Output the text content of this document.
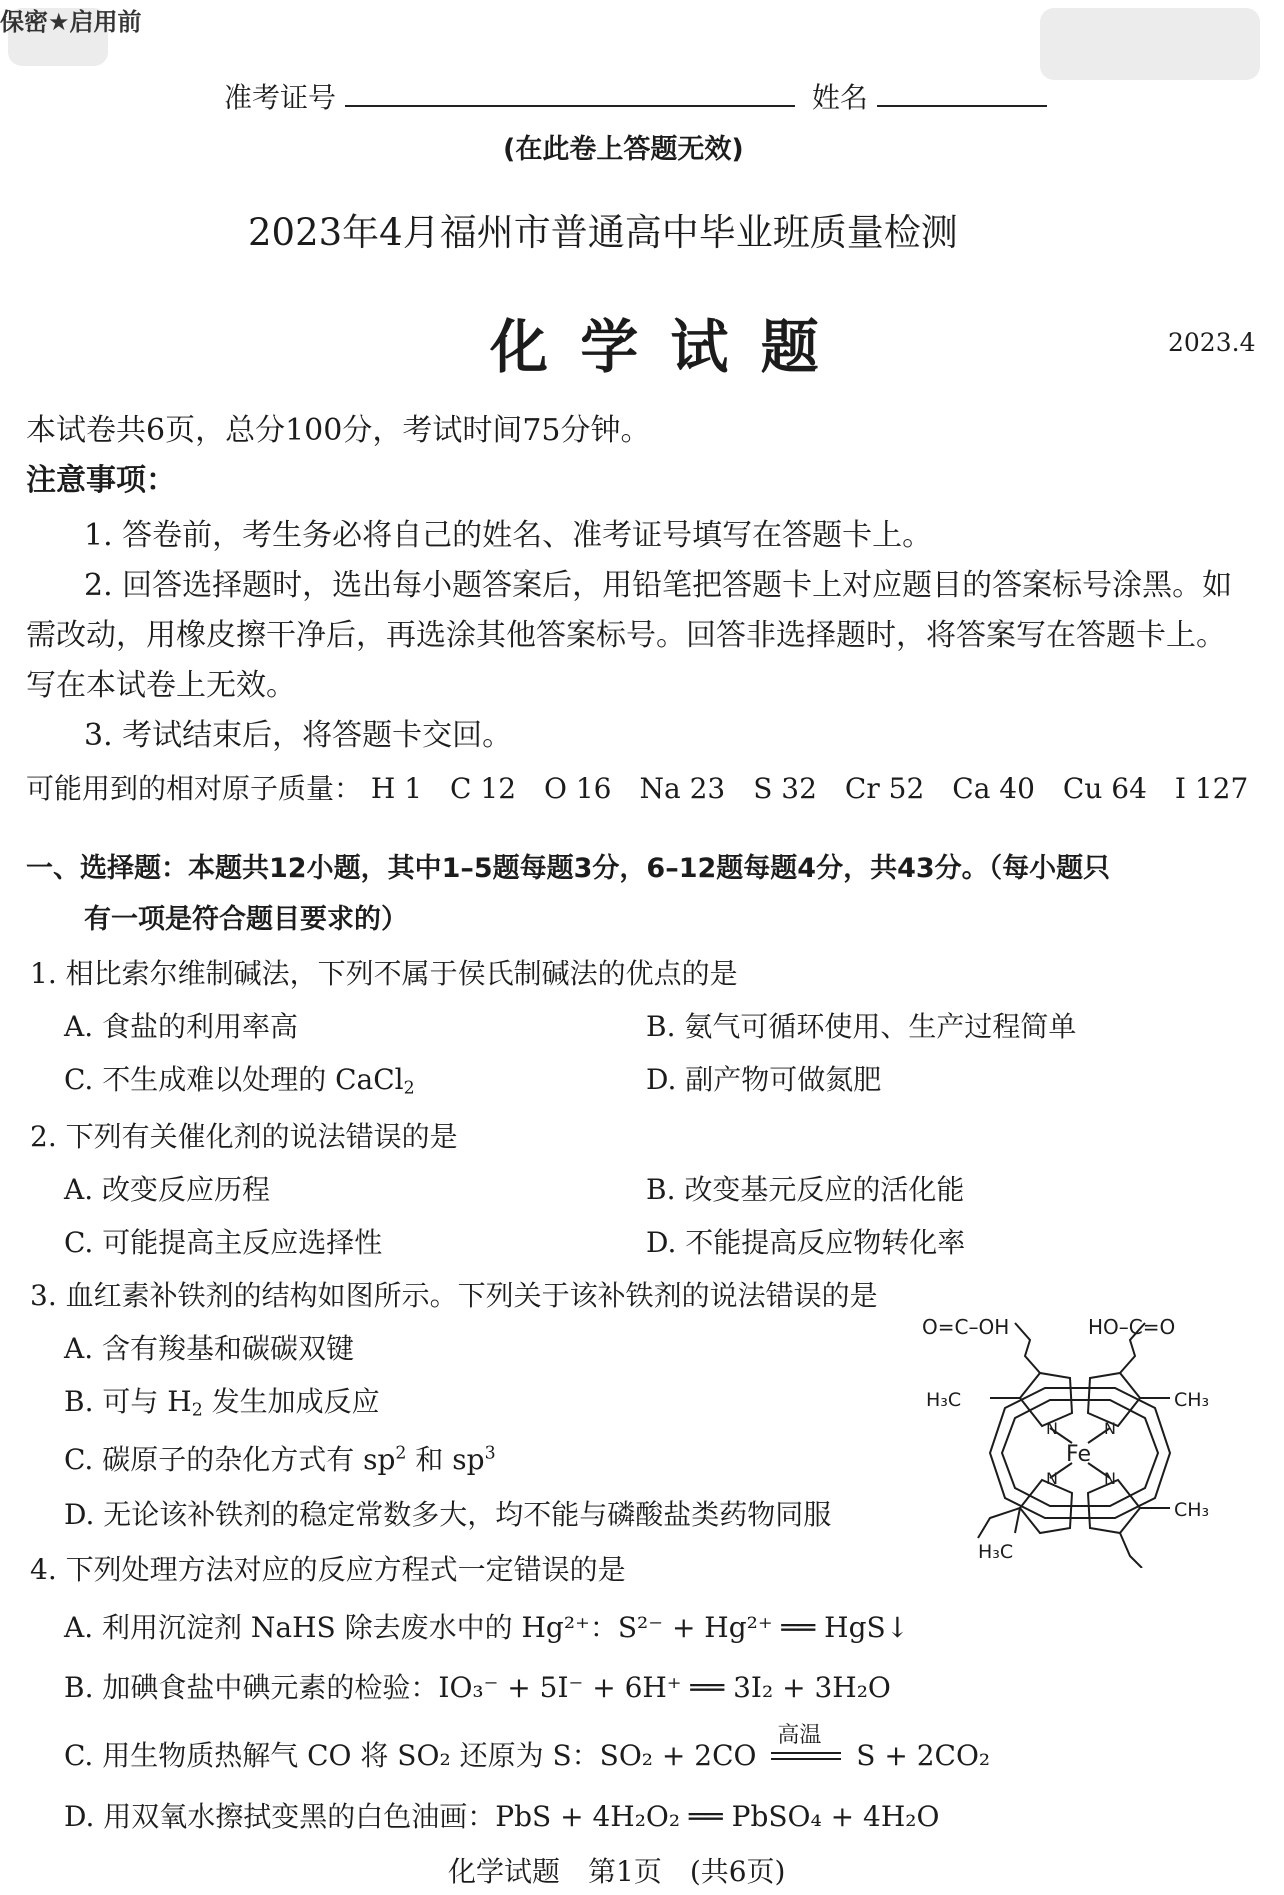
保密★启用前
准考证号	姓名
(在此卷上答题无效)
2023年4月福州市普通高中毕业班质量检测
化 学 试 题	2023.4
本试卷共6页，总分100分，考试时间75分钟。
注意事项：
1. 答卷前，考生务必将自己的姓名、准考证号填写在答题卡上。
2. 回答选择题时，选出每小题答案后，用铅笔把答题卡上对应题目的答案标号涂黑。如
需改动，用橡皮擦干净后，再选涂其他答案标号。回答非选择题时，将答案写在答题卡上。
写在本试卷上无效。
3. 考试结束后，将答题卡交回。
可能用到的相对原子质量： H 1　C 12　O 16　Na 23　S 32　Cr 52　Ca 40　Cu 64　I 127
一、选择题：本题共12小题，其中1–5题每题3分，6–12题每题4分，共43分。（每小题只
有一项是符合题目要求的）
1. 相比索尔维制碱法，下列不属于侯氏制碱法的优点的是
A. 食盐的利用率高	B. 氨气可循环使用、生产过程简单
C. 不生成难以处理的 CaCl$_2$	D. 副产物可做氮肥
2. 下列有关催化剂的说法错误的是
A. 改变反应历程	B. 改变基元反应的活化能
C. 可能提高主反应选择性	D. 不能提高反应物转化率
3. 血红素补铁剂的结构如图所示。下列关于该补铁剂的说法错误的是
A. 含有羧基和碳碳双键
B. 可与 $H_2$ 发生加成反应
C. 碳原子的杂化方式有 $sp^2$ 和 $sp^3$
D. 无论该补铁剂的稳定常数多大，均不能与磷酸盐类药物同服
O=C–OH	HO–C=O
H₃C	CH₃
CH₃
H₃C
Fe
N	N
N	N
4. 下列处理方法对应的反应方程式一定错误的是
A. 利用沉淀剂 NaHS 除去废水中的 Hg²⁺：S²⁻ + Hg²⁺ ══ HgS↓
B. 加碘食盐中碘元素的检验：IO₃⁻ + 5I⁻ + 6H⁺ ══ 3I₂ + 3H₂O
C. 用生物质热解气 CO 将 SO₂ 还原为 S：SO₂ + 2CO
高温
S + 2CO₂
D. 用双氧水擦拭变黑的白色油画：PbS + 4H₂O₂ ══ PbSO₄ + 4H₂O
化学试题　第1页　(共6页)
